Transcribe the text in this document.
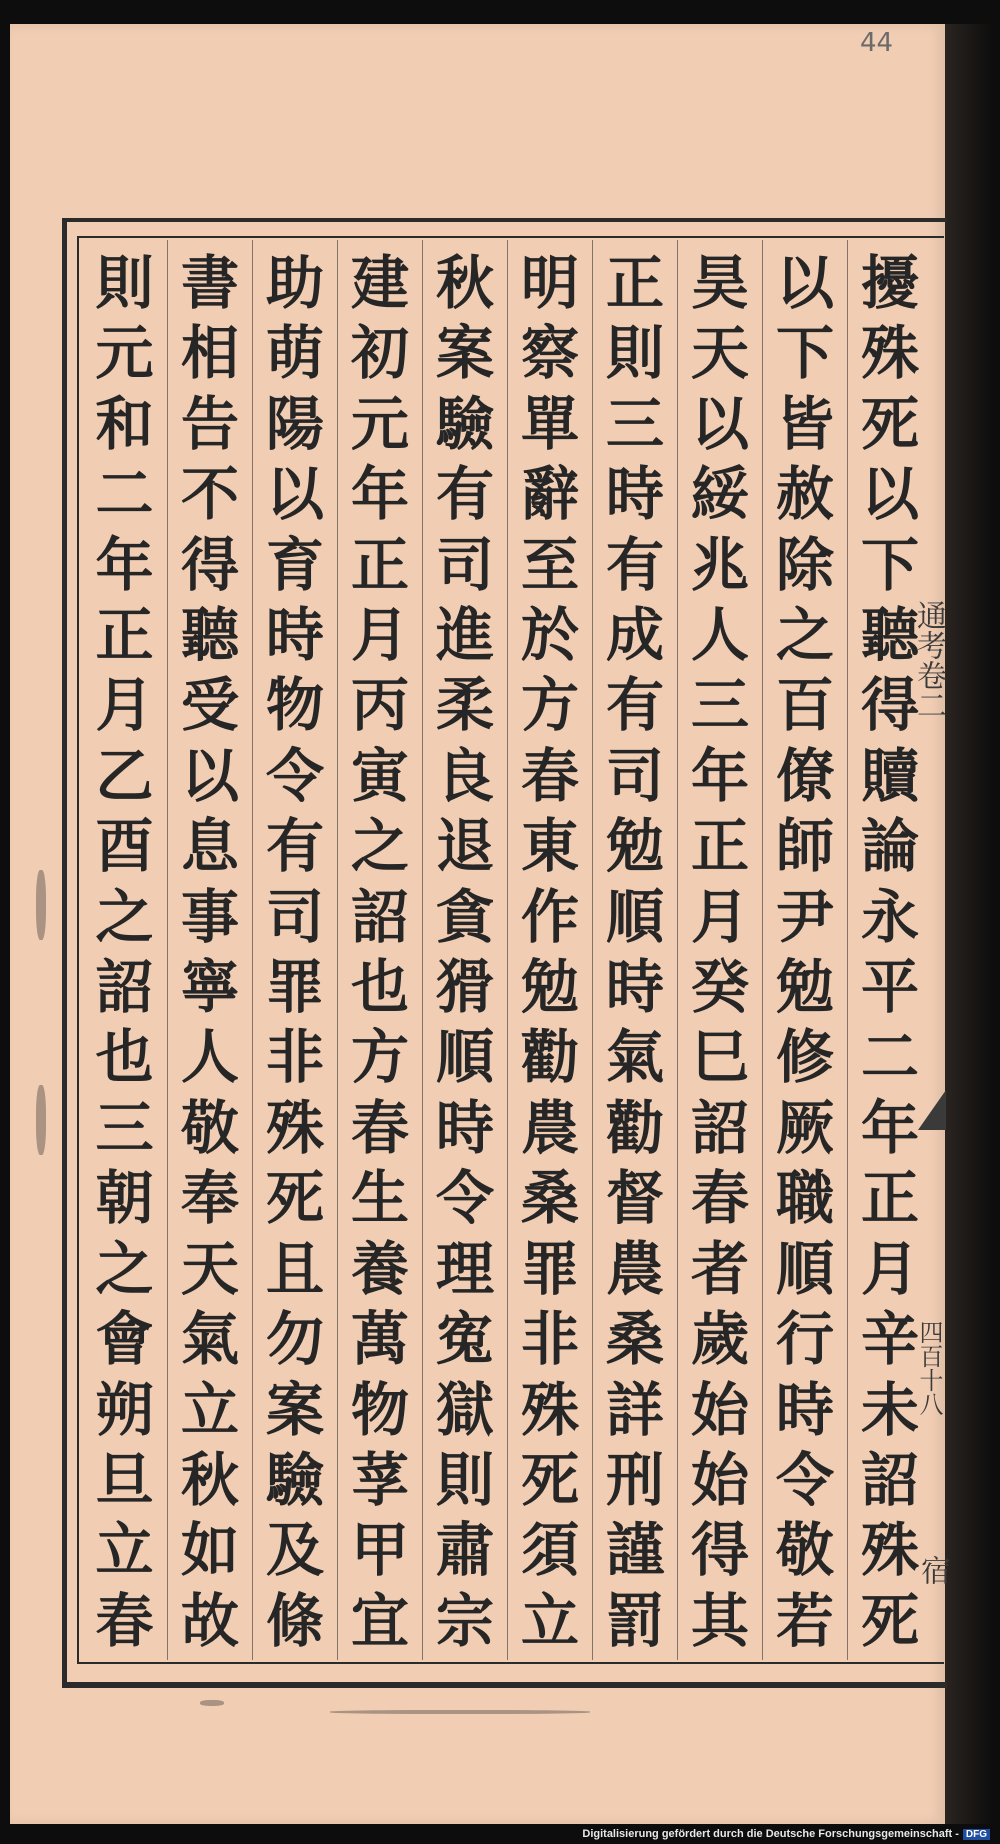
44
擾
殊
死
以
下
聽
得
贖
論
永
平
二
年
正
月
辛
未
詔
殊
死
以
下
皆
赦
除
之
百
僚
師
尹
勉
修
厥
職
順
行
時
令
敬
若
昊
天
以
綏
兆
人
三
年
正
月
癸
巳
詔
春
者
歲
始
始
得
其
正
則
三
時
有
成
有
司
勉
順
時
氣
勸
督
農
桑
詳
刑
謹
罰
明
察
單
辭
至
於
方
春
東
作
勉
勸
農
桑
罪
非
殊
死
須
立
秋
案
驗
有
司
進
柔
良
退
貪
猾
順
時
令
理
寃
獄
則
肅
宗
建
初
元
年
正
月
丙
寅
之
詔
也
方
春
生
養
萬
物
莩
甲
宜
助
萌
陽
以
育
時
物
令
有
司
罪
非
殊
死
且
勿
案
驗
及
條
書
相
告
不
得
聽
受
以
息
事
寧
人
敬
奉
天
氣
立
秋
如
故
則
元
和
二
年
正
月
乙
酉
之
詔
也
三
朝
之
會
朔
旦
立
春
通考卷二
四百十八
宿
Digitalisierung gefördert durch die Deutsche Forschungsgemeinschaft - DFG
